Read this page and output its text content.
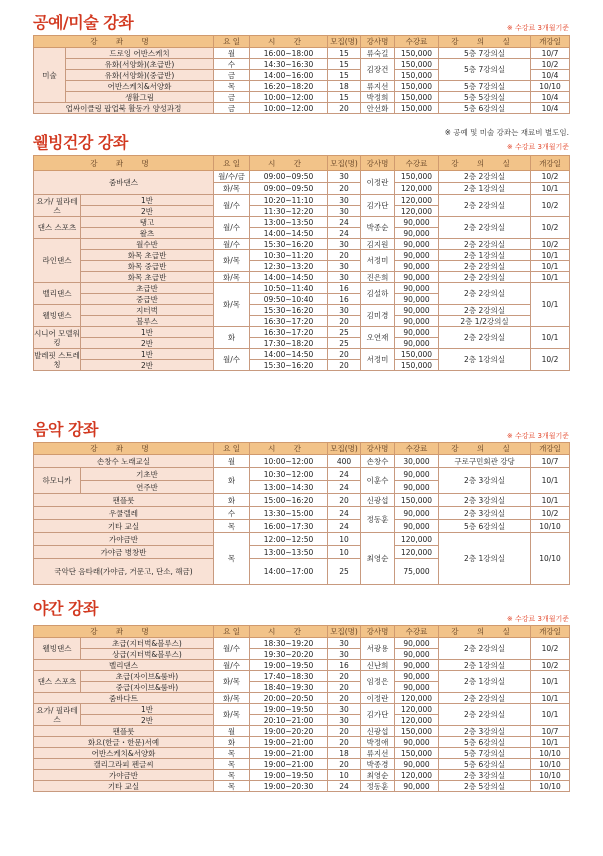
공예/미술 강좌	※ 수강료 3개월기준
강 좌 명		요 일	시 간	모집(명)	강사명	수강료	강 의 실	개강일
미술	드로잉 어반스케치	월	16:00~18:00	15	류숙길	150,000	5층 7강의실	10/7
	유화(서양화)(초급반)	수	14:30~16:30	15	김장건	150,000	5층 7강의실	10/2
	유화(서양화)(중급반)	금	14:00~16:00	15		150,000		10/4
	어반스케치&서양화	목	16:20~18:20	18	류지선	150,000	5층 7강의실	10/10
	생활그림	금	10:00~12:00	15	박정희	150,000	5층 5강의실	10/4
업싸이클링 팝업북 활동가 양성과정		금	10:00~12:00	20	안선화	150,000	5층 6강의실	10/4
※ 공예 및 미술 강좌는 재료비 별도임.
웰빙건강 강좌	※ 수강료 3개월기준
강 좌 명		요 일	시 간	모집(명)	강사명	수강료	강 의 실	개강일
줌바댄스		월/수/금	09:00~09:50	30	이정란	150,000	2층 2강의실	10/2
		화/목	09:00~09:50	20		120,000	2층 1강의실	10/1
요가/ 필라테스	1반	월/수	10:20~11:10	30	김가단	120,000	2층 2강의실	10/2
	2반		11:30~12:20	30		120,000		
댄스 스포츠	탱고	월/수	13:00~13:50	24	박종순	90,000	2층 2강의실	10/2
	왈츠		14:00~14:50	24		90,000		
라인댄스	월수반	월/수	15:30~16:20	30	김지원	90,000	2층 2강의실	10/2
	화목 초급반	화/목	10:30~11:20	20	서정미	90,000	2층 1강의실	10/1
	화목 중급반		12:30~13:20	30		90,000	2층 2강의실	10/1
	화목 초급반	화/목	14:00~14:50	30	진은희	90,000	2층 2강의실	10/1
벨리댄스	초급반	화/목	10:50~11:40	16	김설하	90,000	2층 2강의실	10/1
	중급반		09:50~10:40	16		90,000		
웰빙댄스	지터벅		15:30~16:20	30	김미경	90,000	2층 2강의실	
	블루스		16:30~17:20	20		90,000	2층 1/2강의실	
시니어 모델워킹	1반	화	16:30~17:20	25	오연재	90,000	2층 2강의실	10/1
	2반		17:30~18:20	25		90,000		
발레핏 스트레칭	1반	월/수	14:00~14:50	20	서정미	150,000	2층 1강의실	10/2
	2반		15:30~16:20	20		150,000		
음악 강좌	※ 수강료 3개월기준
강 좌 명		요 일	시 간	모집(명)	강사명	수강료	강 의 실	개강일
손창수 노래교실		월	10:00~12:00	400	손창수	30,000	구로구민회관 강당	10/7
하모니카	기초반	화	10:30~12:00	24	이훈수	90,000	2층 3강의실	10/1
	연주반		13:00~14:30	24		90,000		
팬플룻		화	15:00~16:20	20	신광섭	150,000	2층 3강의실	10/1
우쿨렐레		수	13:30~15:00	24	정동훈	90,000	2층 3강의실	10/2
기타 교실		목	16:00~17:30	24		90,000	5층 6강의실	10/10
가야금반		목	12:00~12:50	10	최영순	120,000	2층 1강의실	10/10
가야금 병창반			13:00~13:50	10		120,000		
국악단 음타래(가야금, 거문고, 단소, 해금)			14:00~17:00	25		75,000		
야간 강좌
※ 수강료 3개월기준
강 좌 명		요 일	시 간	모집(명)	강사명	수강료	강 의 실	개강일
웰빙댄스	초급(지터벅&블루스)	월/수	18:30~19:20	30	서광용	90,000	2층 2강의실	10/2
	상급(지터벅&블루스)		19:30~20:20	30		90,000		
벨리댄스		월/수	19:00~19:50	16	신난희	90,000	2층 1강의실	10/2
댄스 스포츠	초급(자이브&룸바)	화/목	17:40~18:30	20	임정은	90,000	2층 1강의실	10/1
	중급(자이브&룸바)		18:40~19:30	20		90,000		
줌바다트		화/목	20:00~20:50	20	이정란	120,000	2층 2강의실	10/1
요가/ 필라테스	1반	화/목	19:00~19:50	30	김가단	120,000	2층 2강의실	10/1
	2반		20:10~21:00	30		120,000		
팬플룻		월	19:00~20:20	20	신광섭	150,000	2층 3강의실	10/7
화요(한글・한문)서예		화	19:00~21:00	20	박정애	90,000	5층 6강의실	10/1
어반스케치&서양화		목	19:00~21:00	18	류지선	150,000	5층 7강의실	10/10
캘리그라피 펜글씨		목	19:00~21:00	20	박종경	90,000	5층 6강의실	10/10
가야금반		목	19:00~19:50	10	최영순	120,000	2층 3강의실	10/10
기타 교실		목	19:00~20:30	24	정동훈	90,000	2층 5강의실	10/10
